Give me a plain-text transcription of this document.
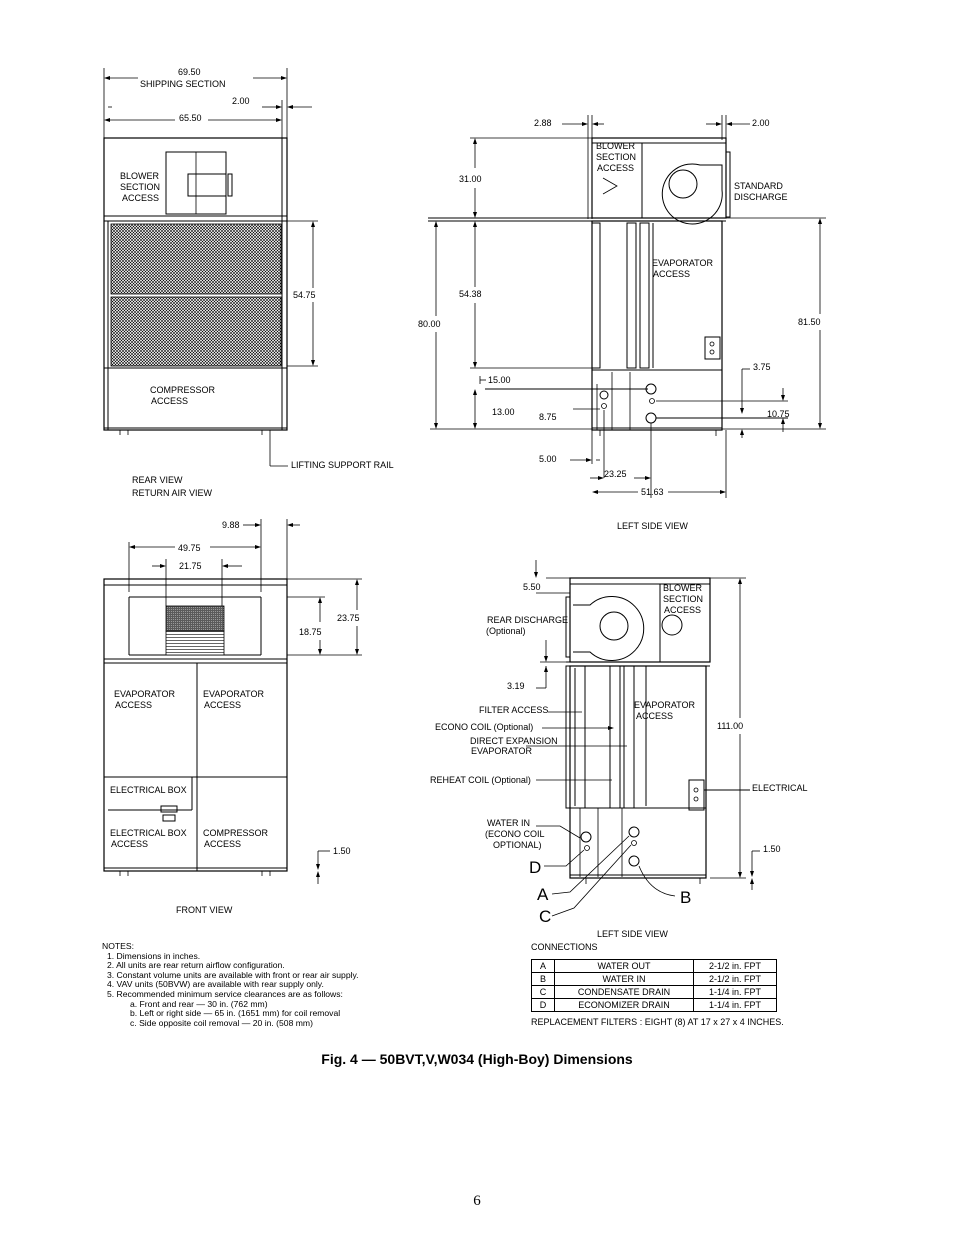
69.50
SHIPPING SECTION
2.00
65.50
BLOWER
SECTION
ACCESS
54.75
COMPRESSOR
ACCESS
LIFTING SUPPORT RAIL
REAR VIEW
RETURN AIR VIEW
2.88	2.00
BLOWER
SECTION
ACCESS
STANDARD
DISCHARGE
31.00
EVAPORATOR
ACCESS
54.38
80.00	81.50
15.00
13.00	8.75
3.75
10.75
5.00
23.25
51.63
LEFT SIDE VIEW
9.88
49.75
21.75
EVAPORATOR
ACCESS
EVAPORATOR
ACCESS
ELECTRICAL BOX
ELECTRICAL BOX
ACCESS
COMPRESSOR
ACCESS
18.75
23.75
1.50
FRONT VIEW
5.50	BLOWER
SECTION
ACCESS
REAR DISCHARGE
(Optional)
3.19
ELECTRICAL
EVAPORATOR
ACCESS
111.00
FILTER ACCESS
ECONO COIL (Optional)
DIRECT EXPANSION
EVAPORATOR
REHEAT COIL (Optional)
WATER IN
(ECONO COIL
OPTIONAL)
D
A
C
B
1.50
LEFT SIDE VIEW
NOTES:
1. Dimensions in inches.
2. All units are rear return airflow configuration.
3. Constant volume units are available with front or rear air supply.
4. VAV units (50BVW) are available with rear supply only.
5. Recommended minimum service clearances are as follows:
a. Front and rear — 30 in. (762 mm)
b. Left or right side — 65 in. (1651 mm) for coil removal
c. Side opposite coil removal — 20 in. (508 mm)
CONNECTIONS
A	WATER OUT	2-1/2 in. FPT
B	WATER IN	2-1/2 in. FPT
C	CONDENSATE DRAIN	1-1/4 in. FPT
D	ECONOMIZER DRAIN	1-1/4 in. FPT
REPLACEMENT FILTERS : EIGHT (8) AT 17 x 27 x 4 INCHES.
Fig. 4 — 50BVT,V,W034 (High-Boy) Dimensions
6
